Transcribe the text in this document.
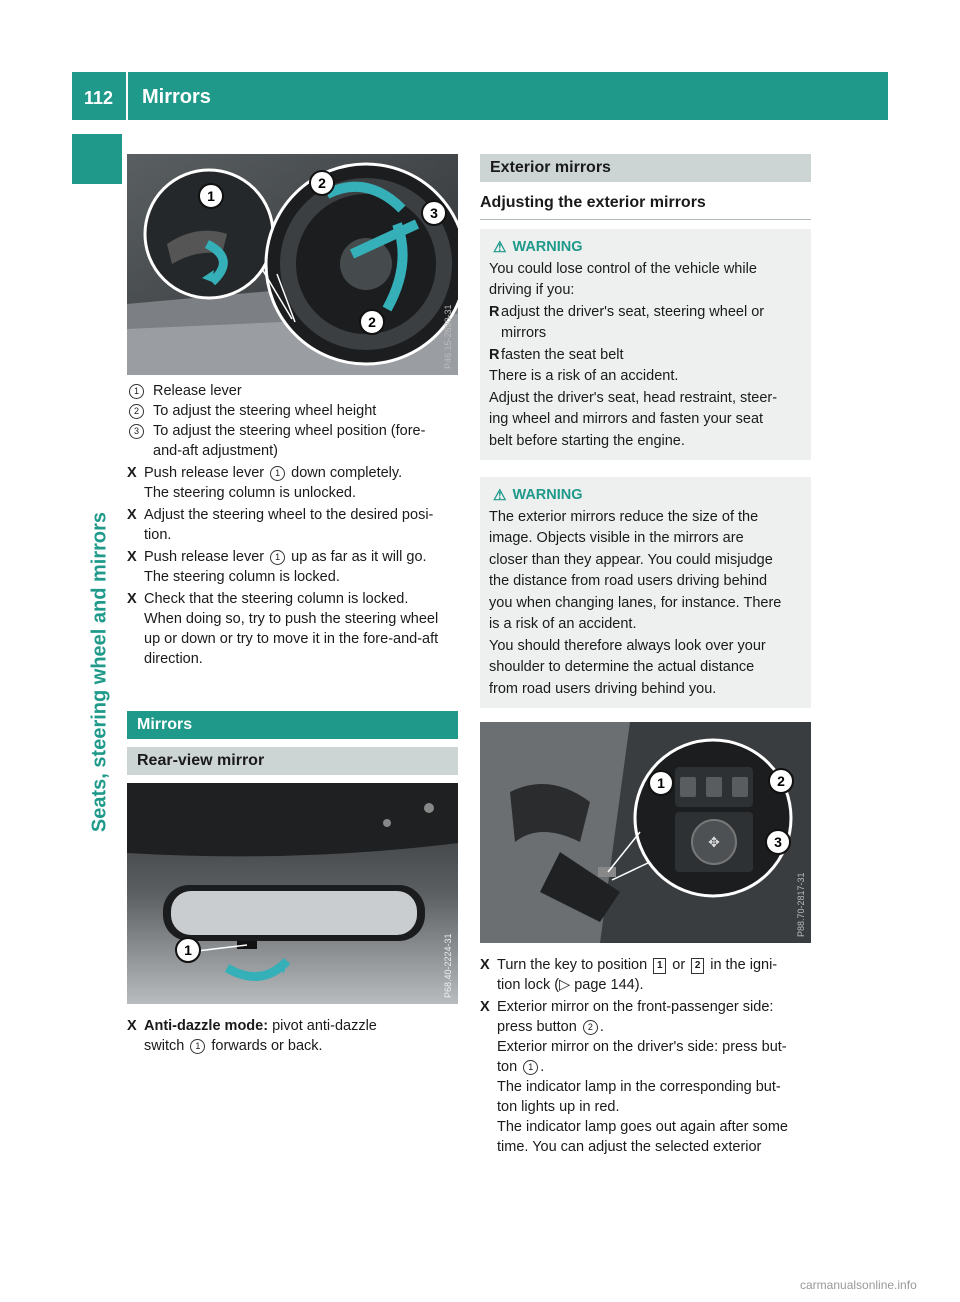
112 Mirrors
Seats, steering wheel and mirrors
1
2
2
3
P46.15-2690-31
1 Release lever
2 To adjust the steering wheel height
3 To adjust the steering wheel position (fore-
and-aft adjustment)
X Push release lever 1 down completely.

The steering column is unlocked.

X Adjust the steering wheel to the desired posi-

tion.

X Push release lever 1 up as far as it will go.

The steering column is locked.

X Check that the steering column is locked.

When doing so, try to push the steering wheel

up or down or try to move it in the fore-and-aft

direction.

Mirrors
Rear-view mirror
1	P68.40-2224-31
X Anti-dazzle mode: pivot anti-dazzle

switch 1 forwards or back.

Exterior mirrors
Adjusting the exterior mirrors
⚠ WARNING

You could lose control of the vehicle while

driving if you:

R adjust the driver's seat, steering wheel or

mirrors

R fasten the seat belt

There is a risk of an accident.

Adjust the driver's seat, head restraint, steer-

ing wheel and mirrors and fasten your seat

belt before starting the engine.

⚠ WARNING

The exterior mirrors reduce the size of the

image. Objects visible in the mirrors are

closer than they appear. You could misjudge

the distance from road users driving behind

you when changing lanes, for instance. There

is a risk of an accident.

You should therefore always look over your

shoulder to determine the actual distance

from road users driving behind you.

✥
1	2
3
P88.70-2817-31
X Turn the key to position 1 or 2 in the igni-

tion lock (▷ page 144).

X Exterior mirror on the front-passenger side:

press button 2 .

Exterior mirror on the driver's side: press but-

ton 1 .

The indicator lamp in the corresponding but-

ton lights up in red.

The indicator lamp goes out again after some

time. You can adjust the selected exterior

carmanualsonline.info
